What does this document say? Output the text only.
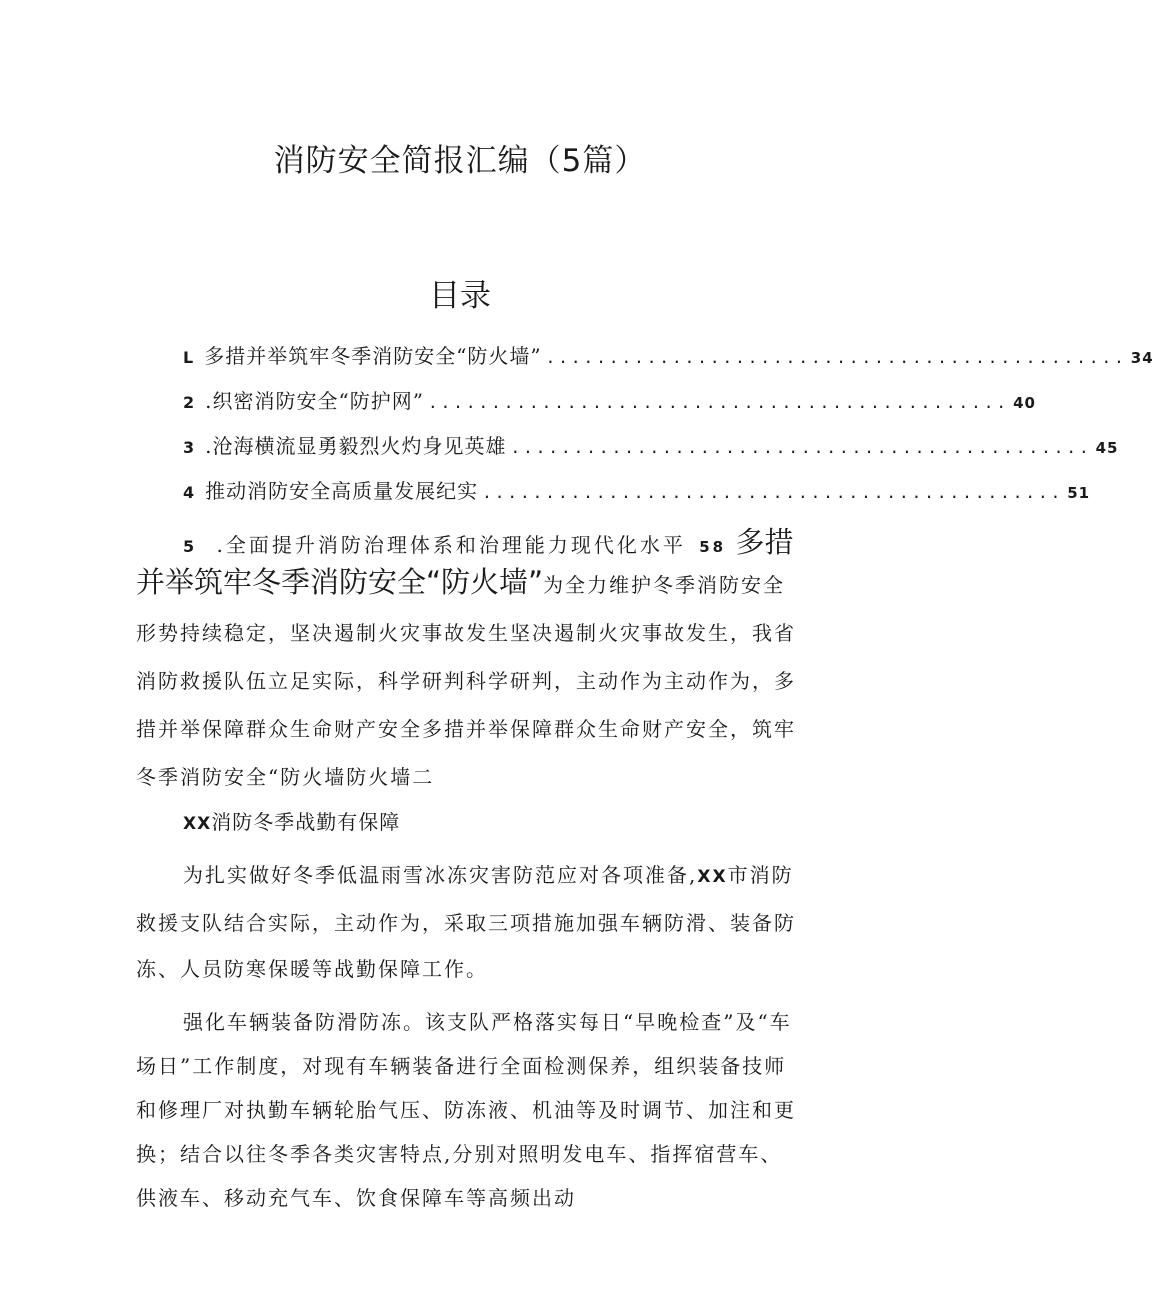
消防安全简报汇编（5篇）
目录
L 多措并举筑牢冬季消防安全“防火墙” .............................................. 34
2 .织密消防安全“防护网” .............................................. 40
3 .沧海横流显勇毅烈火灼身见英雄 .............................................. 45
4 推动消防安全高质量发展纪实 .............................................. 51
5 .全面提升消防治理体系和治理能力现代化水平 58 多措
并举筑牢冬季消防安全“防火墙”为全力维护冬季消防安全形势持续稳定，坚决遏制火灾事故发生坚决遏制火灾事故发生，我省消防救援队伍立足实际，科学研判科学研判，主动作为主动作为，多措并举保障群众生命财产安全多措并举保障群众生命财产安全，筑牢冬季消防安全“防火墙防火墙二
XX消防冬季战勤有保障
为扎实做好冬季低温雨雪冰冻灾害防范应对各项准备,XX市消防救援支队结合实际，主动作为，采取三项措施加强车辆防滑、装备防冻、人员防寒保暖等战勤保障工作。
强化车辆装备防滑防冻。该支队严格落实每日“早晚检查”及“车场日”工作制度，对现有车辆装备进行全面检测保养，组织装备技师和修理厂对执勤车辆轮胎气压、防冻液、机油等及时调节、加注和更换；结合以往冬季各类灾害特点,分别对照明发电车、指挥宿营车、供液车、移动充气车、饮食保障车等高频出动
